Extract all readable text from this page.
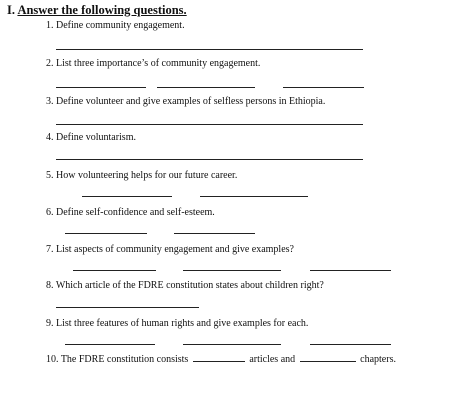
I. Answer the following questions.
1. Define community engagement.
2. List three importance’s of community engagement.
3. Define volunteer and give examples of selfless persons in Ethiopia.
4. Define voluntarism.
5. How volunteering helps for our future career.
6. Define self-confidence and self-esteem.
7. List aspects of community engagement and give examples?
8. Which article of the FDRE constitution states about children right?
9. List three features of human rights and give examples for each.
10. The FDRE constitution consists	articles and	chapters.
